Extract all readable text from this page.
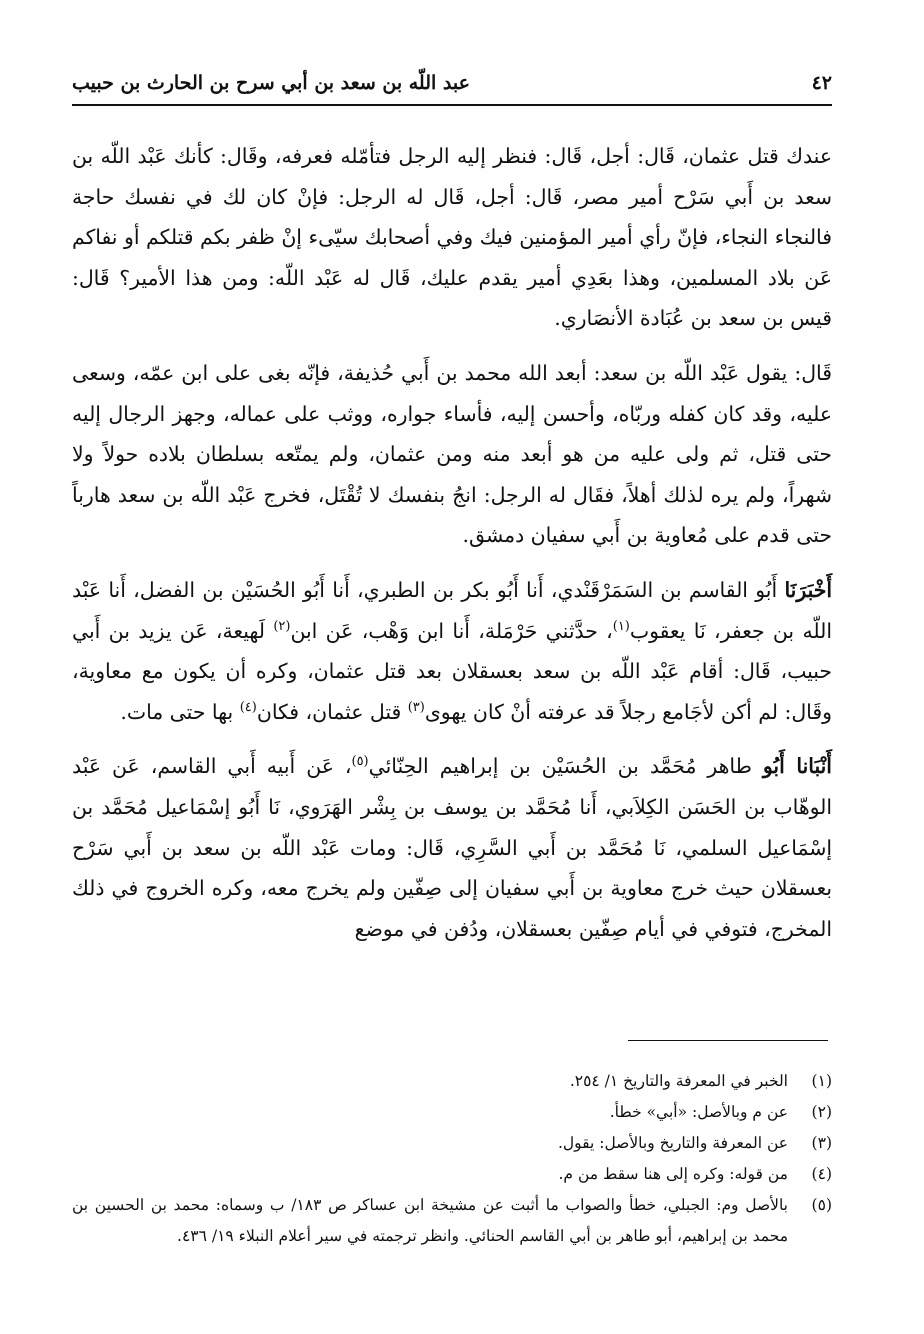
٤٢
عبد اللّه بن سعد بن أبي سرح بن الحارث بن حبيب

عندك قتل عثمان، قَال: أجل، قَال: فنظر إليه الرجل فتأمّله فعرفه، وقَال: كأنك عَبْد اللّه بن سعد بن أَبي سَرْح أمير مصر، قَال: أجل، قَال له الرجل: فإنْ كان لك في نفسك حاجة فالنجاء النجاء، فإنّ رأي أمير المؤمنين فيك وفي أصحابك سيّىء إنْ ظفر بكم قتلكم أو نفاكم عَن بلاد المسلمين، وهذا بعَدِي أمير يقدم عليك، قَال له عَبْد اللّه: ومن هذا الأمير؟ قَال: قيس بن سعد بن عُبَادة الأنصَاري.

قَال: يقول عَبْد اللّه بن سعد: أبعد الله محمد بن أَبي حُذيفة، فإنّه بغى على ابن عمّه، وسعى عليه، وقد كان كفله وربّاه، وأحسن إليه، فأساء جواره، ووثب على عماله، وجهز الرجال إليه حتى قتل، ثم ولى عليه من هو أبعد منه ومن عثمان، ولم يمتّعه بسلطان بلاده حولاً ولا شهراً، ولم يره لذلك أهلاً، فقَال له الرجل: انجُ بنفسك لا تُقْتَل، فخرج عَبْد اللّه بن سعد هارباً حتى قدم على مُعاوية بن أَبي سفيان دمشق.

أَخْبَرَنَا أَبُو القاسم بن السَمَرْقَنْدي، أَنا أَبُو بكر بن الطبري، أَنا أَبُو الحُسَيْن بن الفضل، أَنا عَبْد اللّه بن جعفر، نَا يعقوب$^{(١)}$، حدَّثني حَرْمَلة، أَنا ابن وَهْب، عَن ابن$^{(٢)}$ لَهيعة، عَن يزيد بن أَبي حبيب، قَال: أقام عَبْد اللّه بن سعد بعسقلان بعد قتل عثمان، وكره أن يكون مع معاوية، وقَال: لم أكن لأجَامع رجلاً قد عرفته أنْ كان يهوى$^{(٣)}$ قتل عثمان، فكان$^{(٤)}$ بها حتى مات.

أَنْبَانا أَبُو طاهر مُحَمَّد بن الحُسَيْن بن إبراهيم الحِنّائي$^{(٥)}$، عَن أَبيه أَبي القاسم، عَن عَبْد الوهّاب بن الحَسَن الكِلاَبي، أَنا مُحَمَّد بن يوسف بن بِشْر الهَرَوي، نَا أَبُو إسْمَاعيل مُحَمَّد بن إسْمَاعيل السلمي، نَا مُحَمَّد بن أَبي السَّرِي، قَال: ومات عَبْد اللّه بن سعد بن أَبي سَرْح بعسقلان حيث خرج معاوية بن أَبي سفيان إلى صِفّين ولم يخرج معه، وكره الخروج في ذلك المخرج، فتوفي في أيام صِفّين بعسقلان، ودُفن في موضع

(١)
الخبر في المعرفة والتاريخ ١/ ٢٥٤.
(٢)
عن م وبالأصل: «أبي» خطأ.
(٣)
عن المعرفة والتاريخ وبالأصل: يقول.
(٤)
من قوله: وكره إلى هنا سقط من م.
(٥)
بالأصل وم: الجبلي، خطأ والصواب ما أثبت عن مشيخة ابن عساكر ص ١٨٣/ ب وسماه: محمد بن الحسين بن محمد بن إبراهيم، أبو طاهر بن أبي القاسم الحنائي. وانظر ترجمته في سير أعلام النبلاء ١٩/ ٤٣٦.
